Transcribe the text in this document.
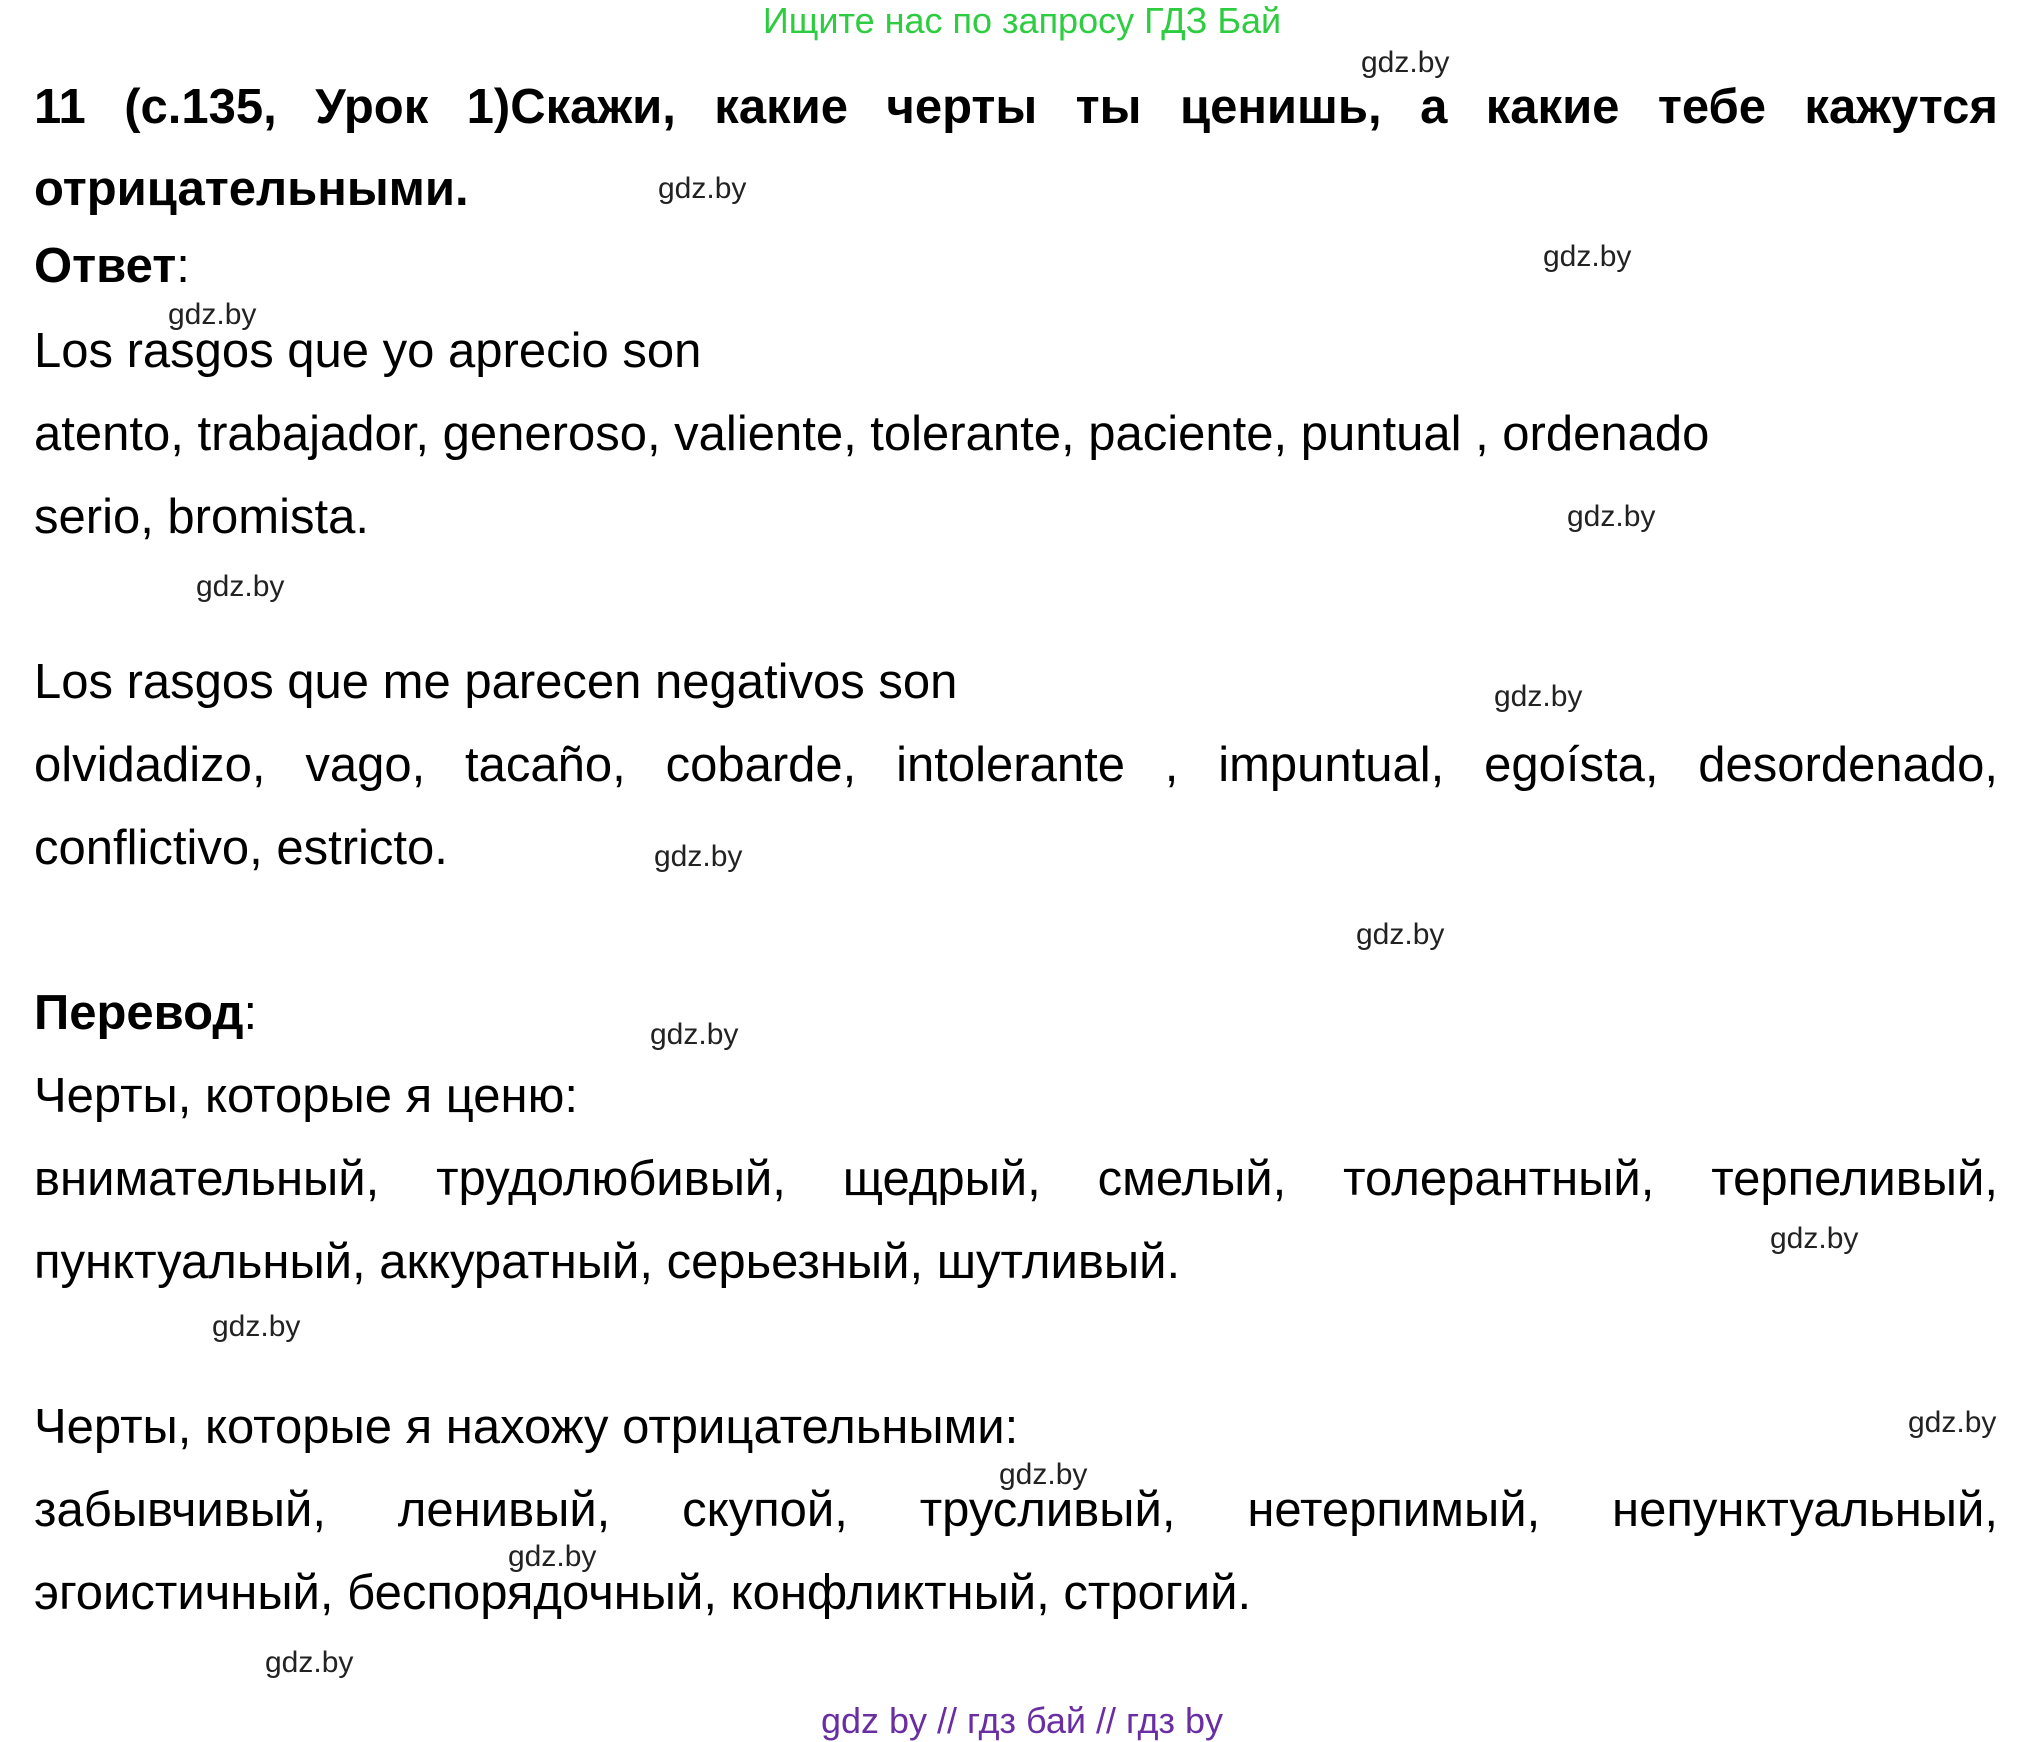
Ищите нас по запросу ГДЗ Бай
11 (с.135, Урок 1)Скажи, какие черты ты ценишь, а какие тебе кажутся
отрицательными.
Ответ:
Los rasgos que yo aprecio son
atento, trabajador, generoso, valiente, tolerante, paciente, puntual , ordenado
serio, bromista.
Los rasgos que me parecen negativos son
olvidadizo, vago, tacaño, cobarde, intolerante , impuntual, egoísta, desordenado,
conflictivo, estricto.
Перевод:
Черты, которые я ценю:
внимательный, трудолюбивый, щедрый, смелый, толерантный, терпеливый,
пунктуальный, аккуратный, серьезный, шутливый.
Черты, которые я нахожу отрицательными:
забывчивый, ленивый, скупой, трусливый, нетерпимый, непунктуальный,
эгоистичный, беспорядочный, конфликтный, строгий.
gdz.by
gdz.by
gdz.by
gdz.by
gdz.by
gdz.by
gdz.by
gdz.by
gdz.by
gdz.by
gdz.by
gdz.by
gdz.by
gdz.by
gdz.by
gdz.by
gdz by // гдз бай // гдз by
